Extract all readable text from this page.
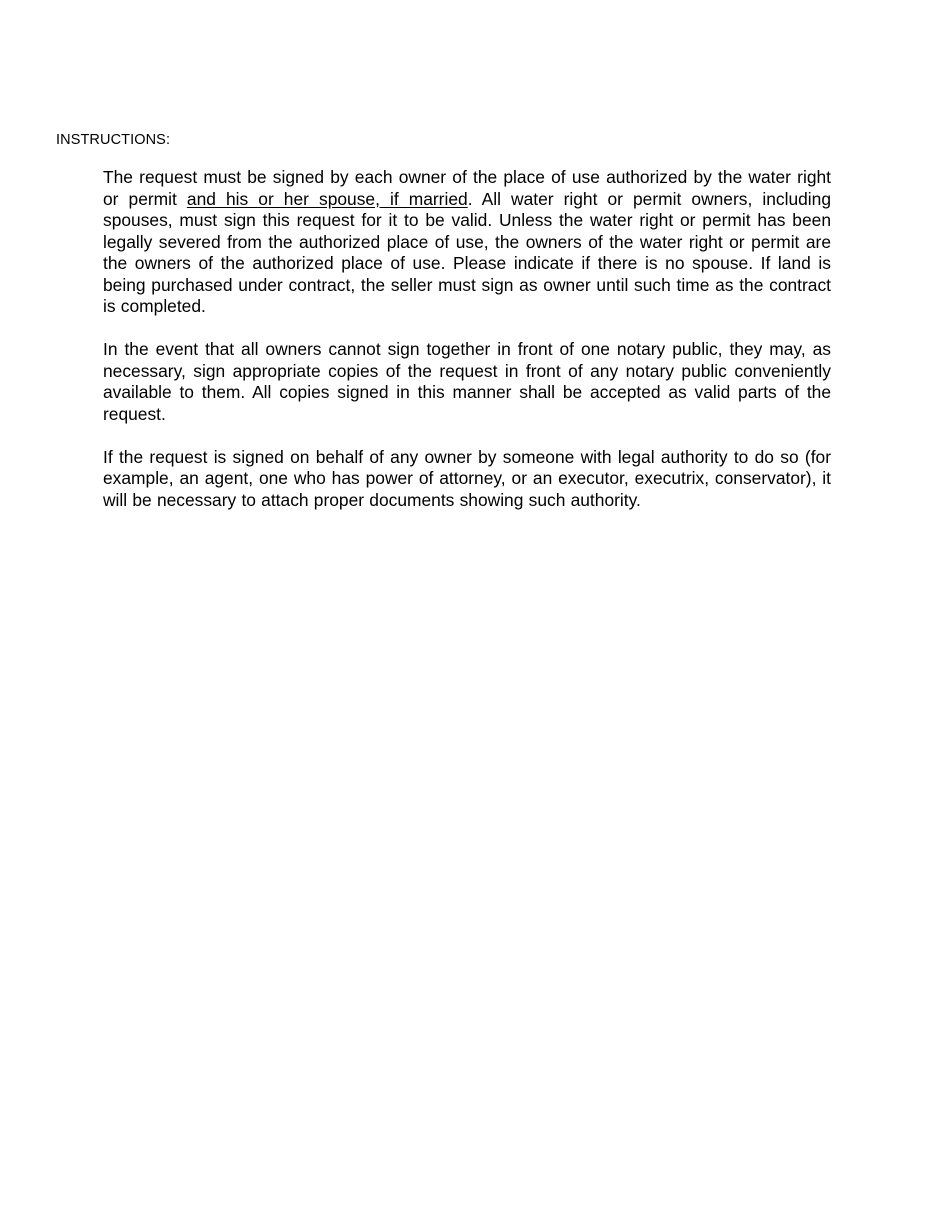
INSTRUCTIONS:

The request must be signed by each owner of the place of use authorized by the water right or permit and his or her spouse, if married. All water right or permit owners, including spouses, must sign this request for it to be valid. Unless the water right or permit has been legally severed from the authorized place of use, the owners of the water right or permit are the owners of the authorized place of use. Please indicate if there is no spouse. If land is being purchased under contract, the seller must sign as owner until such time as the contract is completed.

In the event that all owners cannot sign together in front of one notary public, they may, as necessary, sign appropriate copies of the request in front of any notary public conveniently available to them. All copies signed in this manner shall be accepted as valid parts of the request.

If the request is signed on behalf of any owner by someone with legal authority to do so (for example, an agent, one who has power of attorney, or an executor, executrix, conservator), it will be necessary to attach proper documents showing such authority.
